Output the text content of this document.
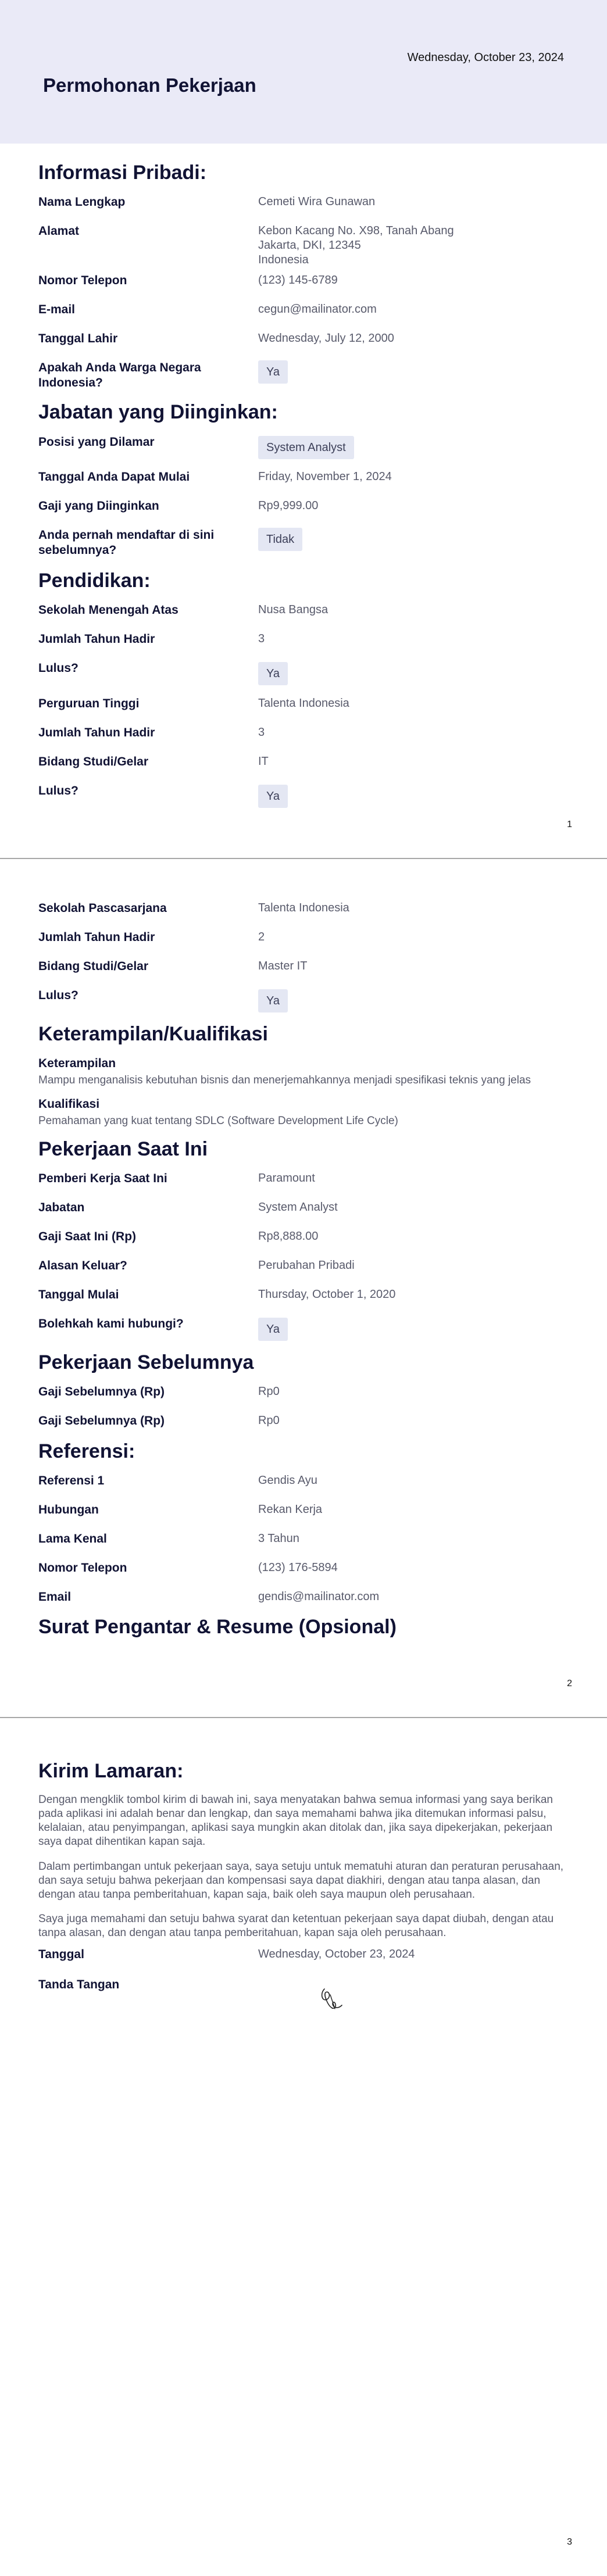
Wednesday, October 23, 2024
Permohonan Pekerjaan
Informasi Pribadi:
Nama Lengkap	Cemeti Wira Gunawan
Alamat	Kebon Kacang No. X98, Tanah Abang
Jakarta, DKI, 12345
Indonesia
Nomor Telepon	(123) 145-6789
E-mail	cegun@mailinator.com
Tanggal Lahir	Wednesday, July 12, 2000
Apakah Anda Warga Negara Indonesia?
Ya
Jabatan yang Diinginkan:
Posisi yang Dilamar	System Analyst
Tanggal Anda Dapat Mulai	Friday, November 1, 2024
Gaji yang Diinginkan	Rp9,999.00
Anda pernah mendaftar di sini sebelumnya?
Tidak
Pendidikan:
Sekolah Menengah Atas	Nusa Bangsa
Jumlah Tahun Hadir	3
Lulus?	Ya
Perguruan Tinggi	Talenta Indonesia
Jumlah Tahun Hadir	3
Bidang Studi/Gelar	IT
Lulus?	Ya
1
Sekolah Pascasarjana	Talenta Indonesia
Jumlah Tahun Hadir	2
Bidang Studi/Gelar	Master IT
Lulus?	Ya
Keterampilan/Kualifikasi
Keterampilan
Mampu menganalisis kebutuhan bisnis dan menerjemahkannya menjadi spesifikasi teknis yang jelas
Kualifikasi
Pemahaman yang kuat tentang SDLC (Software Development Life Cycle)
Pekerjaan Saat Ini
Pemberi Kerja Saat Ini	Paramount
Jabatan	System Analyst
Gaji Saat Ini (Rp)	Rp8,888.00
Alasan Keluar?	Perubahan Pribadi
Tanggal Mulai	Thursday, October 1, 2020
Bolehkah kami hubungi?	Ya
Pekerjaan Sebelumnya
Gaji Sebelumnya (Rp)	Rp0
Gaji Sebelumnya (Rp)	Rp0
Referensi:
Referensi 1	Gendis Ayu
Hubungan	Rekan Kerja
Lama Kenal	3 Tahun
Nomor Telepon	(123) 176-5894
Email	gendis@mailinator.com
Surat Pengantar & Resume (Opsional)
2
Kirim Lamaran:
Dengan mengklik tombol kirim di bawah ini, saya menyatakan bahwa semua informasi yang saya berikan pada aplikasi ini adalah benar dan lengkap, dan saya memahami bahwa jika ditemukan informasi palsu, kelalaian, atau penyimpangan, aplikasi saya mungkin akan ditolak dan, jika saya dipekerjakan, pekerjaan saya dapat dihentikan kapan saja.
Dalam pertimbangan untuk pekerjaan saya, saya setuju untuk mematuhi aturan dan peraturan perusahaan, dan saya setuju bahwa pekerjaan dan kompensasi saya dapat diakhiri, dengan atau tanpa alasan, dan dengan atau tanpa pemberitahuan, kapan saja, baik oleh saya maupun oleh perusahaan.
Saya juga memahami dan setuju bahwa syarat dan ketentuan pekerjaan saya dapat diubah, dengan atau tanpa alasan, dan dengan atau tanpa pemberitahuan, kapan saja oleh perusahaan.
Tanggal	Wednesday, October 23, 2024
Tanda Tangan
3
